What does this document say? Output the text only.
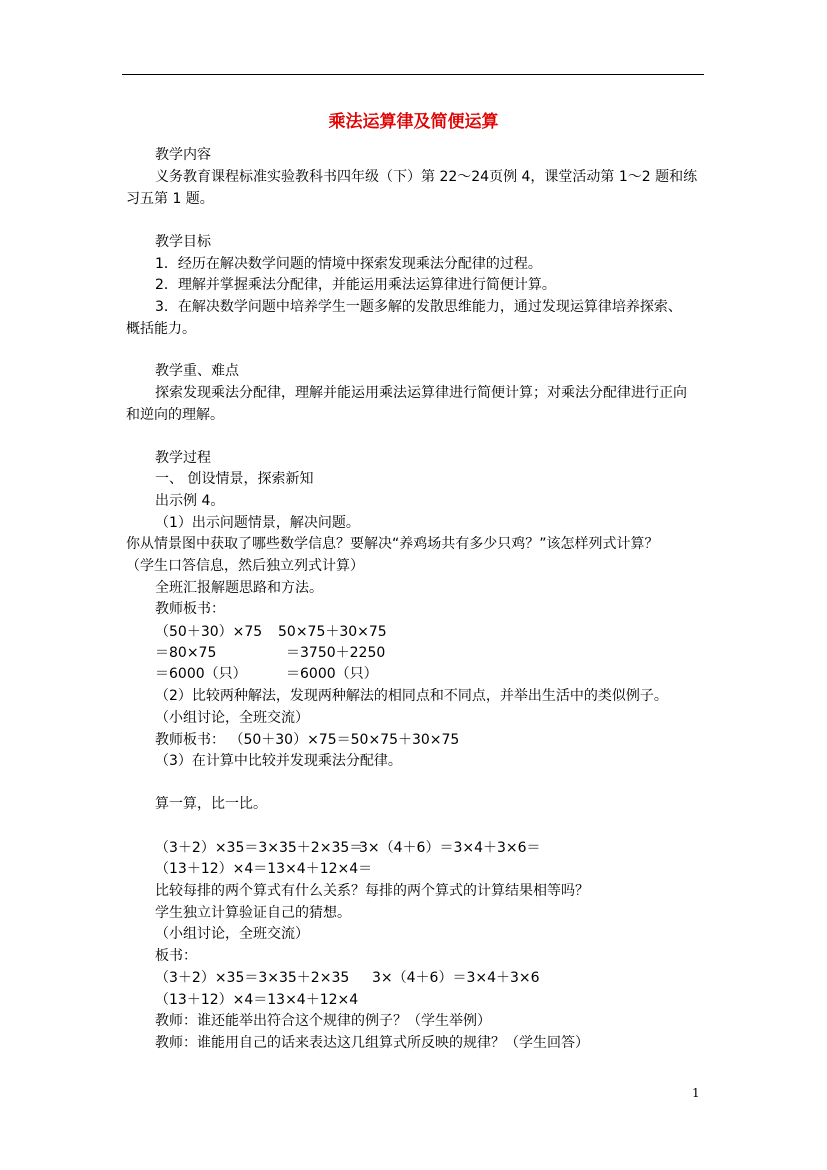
乘法运算律及简便运算
教学内容
义务教育课程标准实验教科书四年级（下）第 22～24页例 4，课堂活动第 1～2 题和练
习五第 1 题。
教学目标
1．经历在解决数学问题的情境中探索发现乘法分配律的过程。
2．理解并掌握乘法分配律，并能运用乘法运算律进行简便计算。
3．在解决数学问题中培养学生一题多解的发散思维能力，通过发现运算律培养探索、
概括能力。
教学重、难点
探索发现乘法分配律，理解并能运用乘法运算律进行简便计算；对乘法分配律进行正向
和逆向的理解。
教学过程
一、 创设情景，探索新知
出示例 4。
（1）出示问题情景，解决问题。
你从情景图中获取了哪些数学信息？要解决“养鸡场共有多少只鸡？”该怎样列式计算？
（学生口答信息，然后独立列式计算）
全班汇报解题思路和方法。
教师板书：
（50＋30）×75 50×75＋30×75
＝80×75	＝3750＋2250
＝6000（只）	＝6000（只）
（2）比较两种解法，发现两种解法的相同点和不同点，并举出生活中的类似例子。
（小组讨论，全班交流）
教师板书： （50＋30）×75＝50×75＋30×75
（3）在计算中比较并发现乘法分配律。
算一算，比一比。
（3＋2）×35＝3×35＋2×35＝
3×（4＋6）＝3×4＋3×6＝
（13＋12）×4＝13×4＋12×4＝
比较每排的两个算式有什么关系？每排的两个算式的计算结果相等吗？
学生独立计算验证自己的猜想。
（小组讨论，全班交流）
板书：
（3＋2）×35＝3×35＋2×35 3×（4＋6）＝3×4＋3×6
（13＋12）×4＝13×4＋12×4
教师：谁还能举出符合这个规律的例子？（学生举例）
教师：谁能用自己的话来表达这几组算式所反映的规律？（学生回答）
1
